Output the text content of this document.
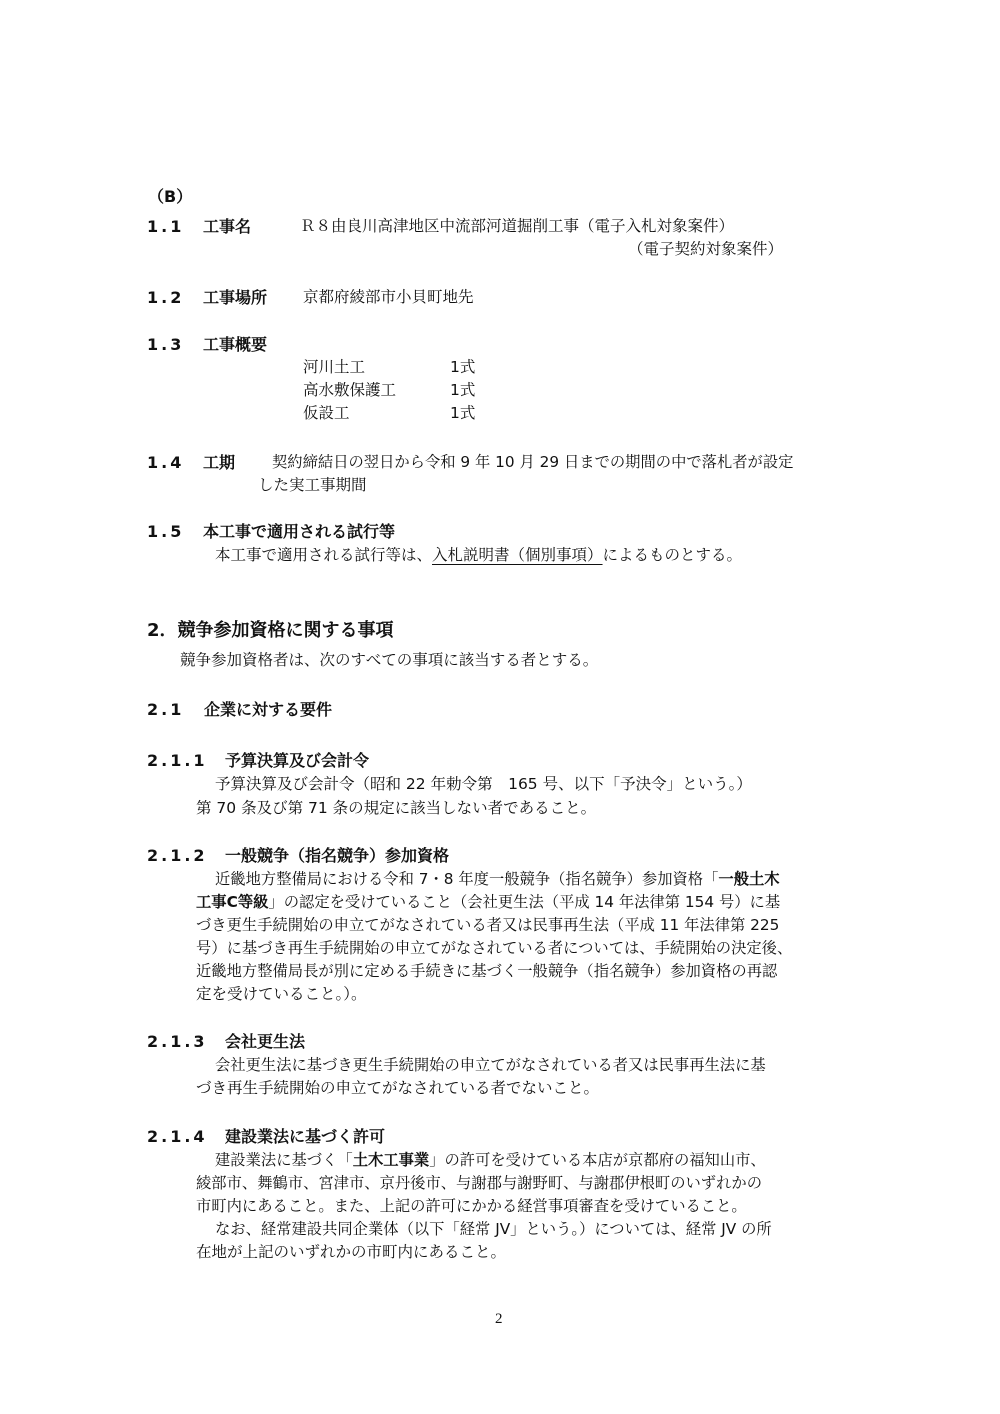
（B）
1.1 工事名	Ｒ８由良川高津地区中流部河道掘削工事（電子入札対象案件）
（電子契約対象案件）
1.2 工事場所 京都府綾部市小貝町地先
1.3 工事概要
河川土工	1式
高水敷保護工	1式
仮設工	1式
1.4 工期 契約締結日の翌日から令和 9 年 10 月 29 日までの期間の中で落札者が設定
した実工事期間
1.5 本工事で適用される試行等
本工事で適用される試行等は、入札説明書（個別事項）によるものとする。
2．競争参加資格に関する事項
競争参加資格者は、次のすべての事項に該当する者とする。
2.1 企業に対する要件
2.1.1 予算決算及び会計令
予算決算及び会計令（昭和 22 年勅令第　165 号、以下「予決令」という。）
第 70 条及び第 71 条の規定に該当しない者であること。
2.1.2 一般競争（指名競争）参加資格
近畿地方整備局における令和 7・8 年度一般競争（指名競争）参加資格「一般土木
工事C等級」の認定を受けていること（会社更生法（平成 14 年法律第 154 号）に基
づき更生手続開始の申立てがなされている者又は民事再生法（平成 11 年法律第 225
号）に基づき再生手続開始の申立てがなされている者については、手続開始の決定後、
近畿地方整備局長が別に定める手続きに基づく一般競争（指名競争）参加資格の再認
定を受けていること。）。
2.1.3 会社更生法
会社更生法に基づき更生手続開始の申立てがなされている者又は民事再生法に基
づき再生手続開始の申立てがなされている者でないこと。
2.1.4 建設業法に基づく許可
建設業法に基づく「土木工事業」の許可を受けている本店が京都府の福知山市、
綾部市、舞鶴市、宮津市、京丹後市、与謝郡与謝野町、与謝郡伊根町のいずれかの
市町内にあること。また、上記の許可にかかる経営事項審査を受けていること。
なお、経常建設共同企業体（以下「経常 JV」という。）については、経常 JV の所
在地が上記のいずれかの市町内にあること。
2
